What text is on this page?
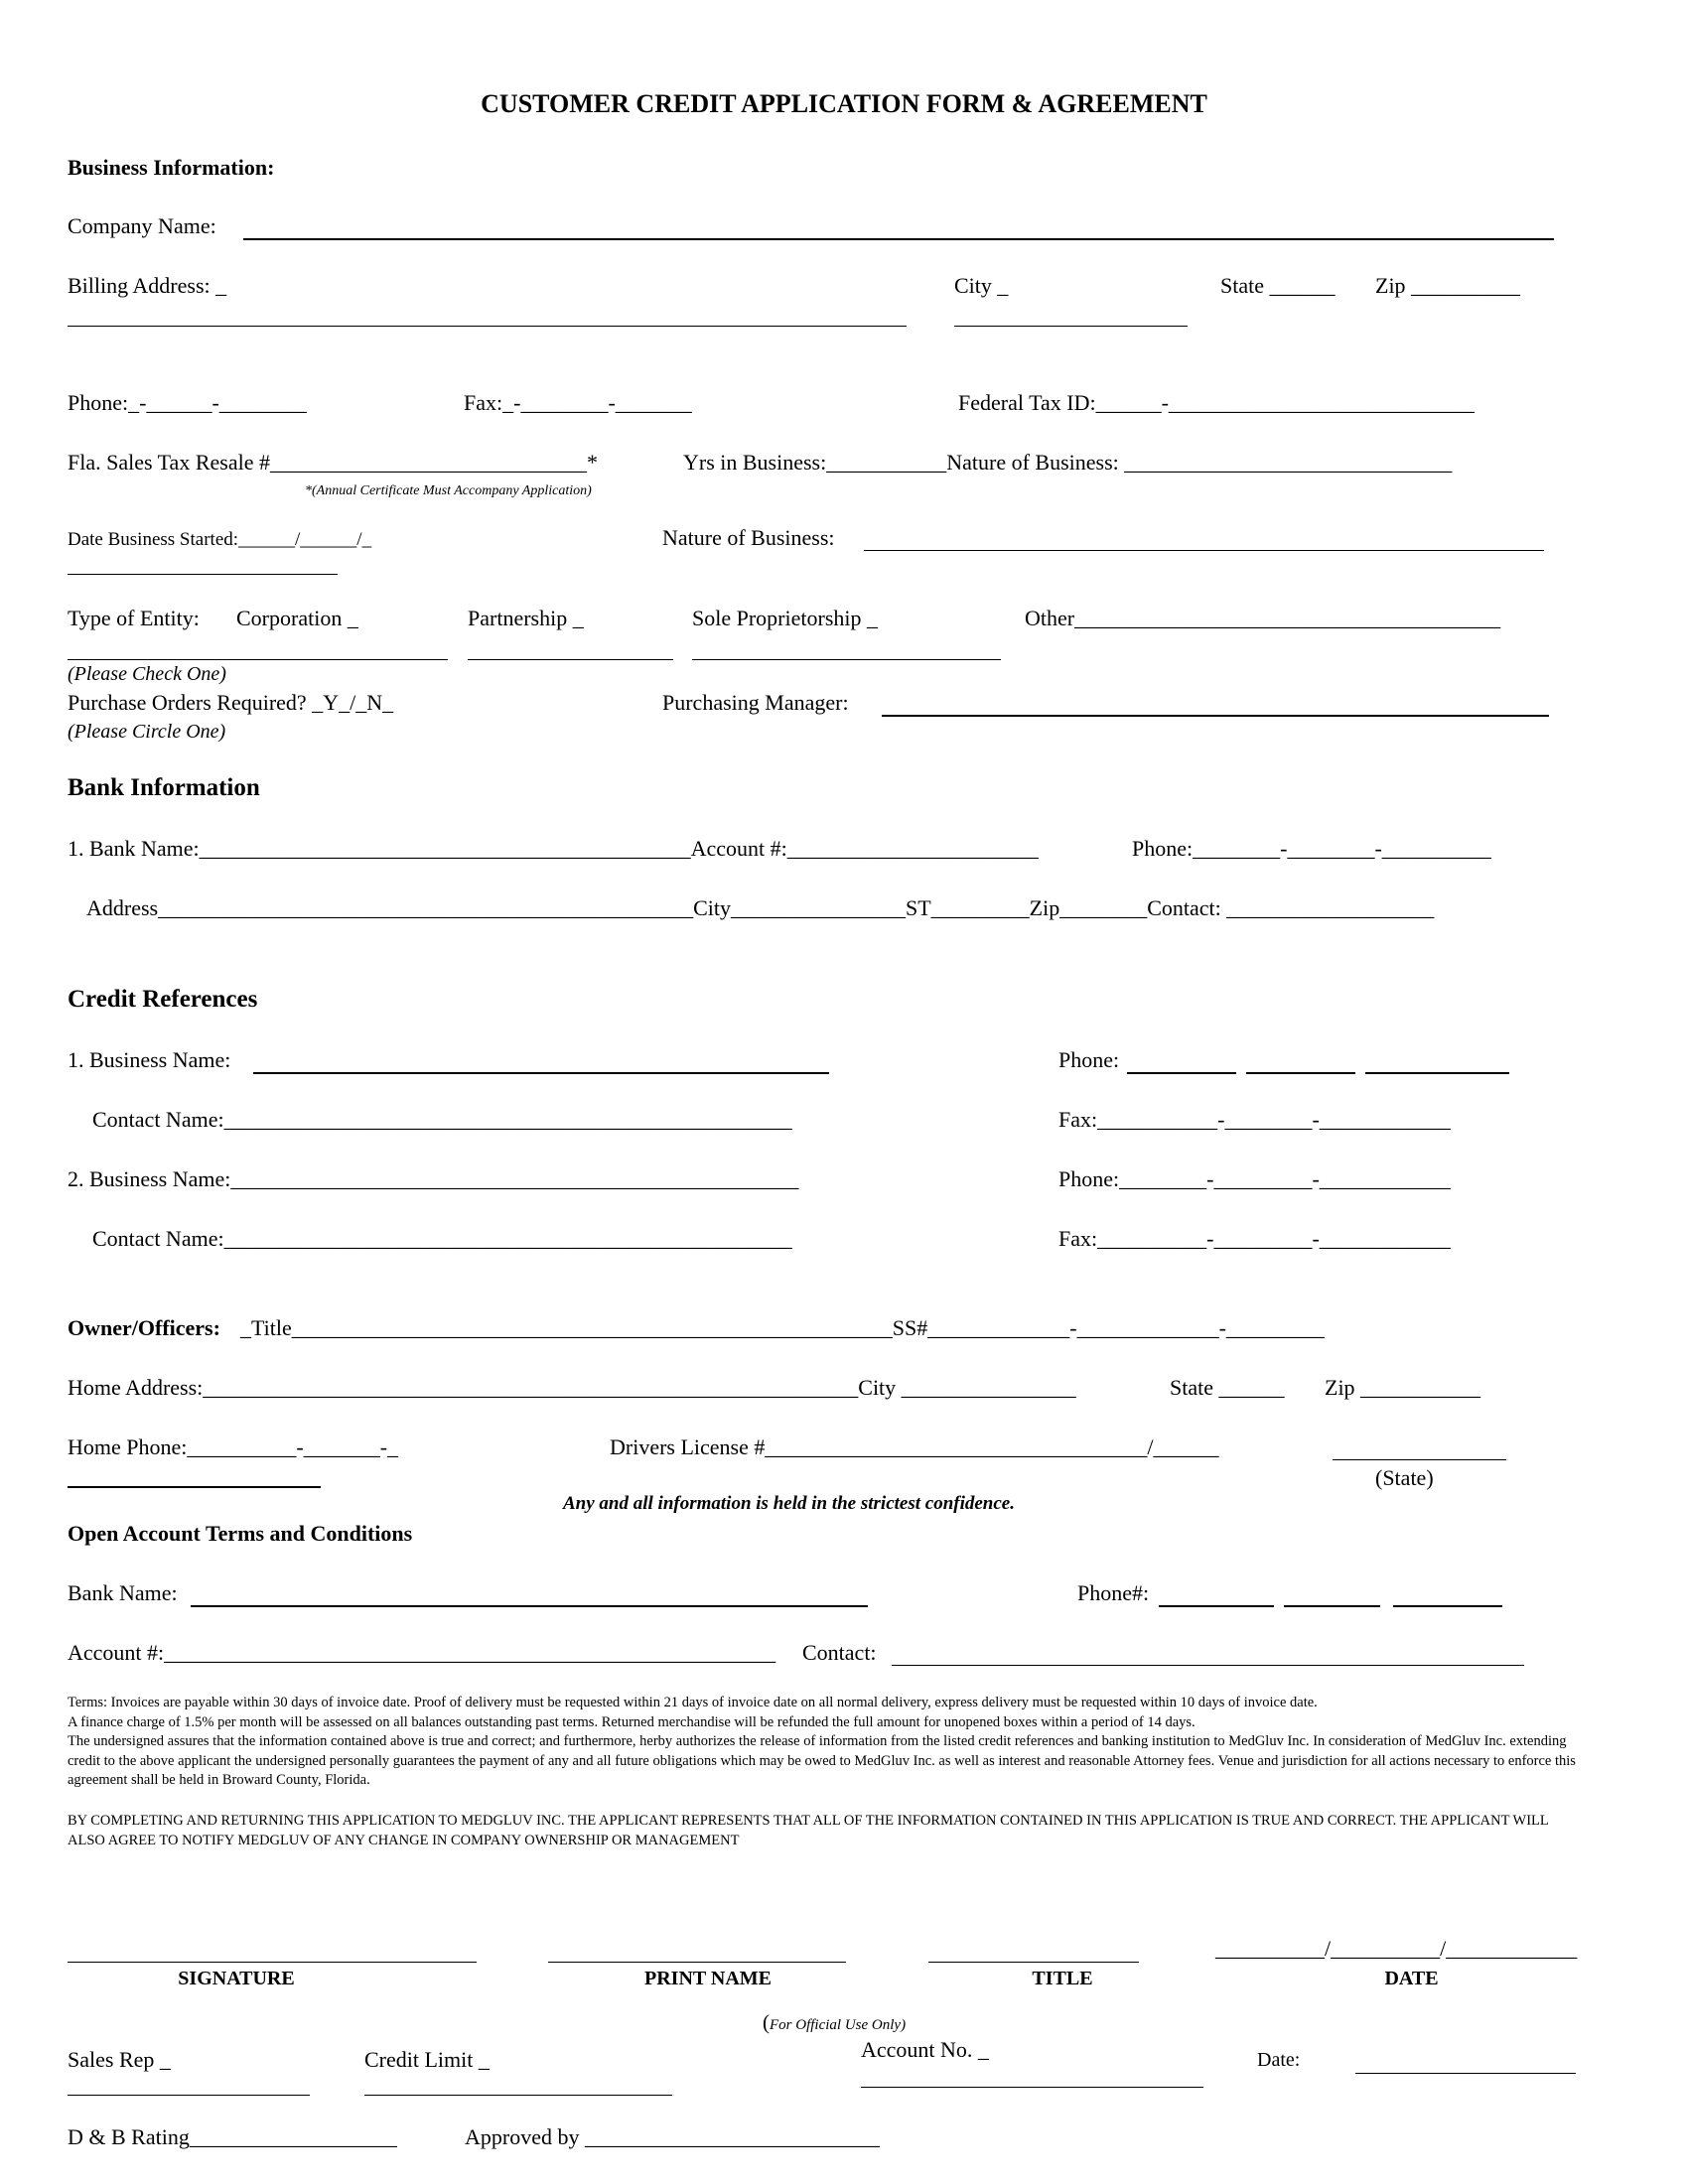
CUSTOMER CREDIT APPLICATION FORM & AGREEMENT
Business Information:
Company Name:
Billing Address: _	City _	State ______ Zip __________
Phone:_-______-________	Fax:_-________-_______	Federal Tax ID:______-____________________________
Fla. Sales Tax Resale #_____________________________*	Yrs in Business:___________Nature of Business: ______________________________
*(Annual Certificate Must Accompany Application)
Date Business Started:______/______/_	Nature of Business:
Type of Entity: Corporation _	Partnership _	Sole Proprietorship _	Other_______________________________________
(Please Check One)
Purchase Orders Required? _Y_/_N_
(Please Circle One)
Purchasing Manager:
Bank Information
1. Bank Name:_____________________________________________Account #:_______________________	Phone:________-________-__________
Address_________________________________________________City________________ST_________Zip________Contact: ___________________
Credit References
1. Business Name:	Phone:
Contact Name:____________________________________________________	Fax:___________-________-____________
2. Business Name:____________________________________________________	Phone:________-_________-____________
Contact Name:____________________________________________________	Fax:__________-_________-____________
Owner/Officers: _Title_______________________________________________________SS#_____________-_____________-_________
Home Address:____________________________________________________________City ________________	State ______ Zip ___________
Home Phone:__________-_______-_	Drivers License #___________________________________/______
(State)
Any and all information is held in the strictest confidence.
Open Account Terms and Conditions
Bank Name:	Phone#:
Account #:________________________________________________________ Contact:
Terms: Invoices are payable within 30 days of invoice date. Proof of delivery must be requested within 21 days of invoice date on all normal delivery, express delivery must be requested within 10 days of invoice date.
A finance charge of 1.5% per month will be assessed on all balances outstanding past terms. Returned merchandise will be refunded the full amount for unopened boxes within a period of 14 days.
The undersigned assures that the information contained above is true and correct; and furthermore, herby authorizes the release of information from the listed credit references and banking institution to MedGluv Inc. In consideration of MedGluv Inc. extending credit to the above applicant the undersigned personally guarantees the payment of any and all future obligations which may be owed to MedGluv Inc. as well as interest and reasonable Attorney fees. Venue and jurisdiction for all actions necessary to enforce this agreement shall be held in Broward County, Florida.
BY COMPLETING AND RETURNING THIS APPLICATION TO MEDGLUV INC. THE APPLICANT REPRESENTS THAT ALL OF THE INFORMATION CONTAINED IN THIS APPLICATION IS TRUE AND CORRECT. THE APPLICANT WILL ALSO AGREE TO NOTIFY MEDGLUV OF ANY CHANGE IN COMPANY OWNERSHIP OR MANAGEMENT
SIGNATURE	PRINT NAME	TITLE
__________/__________/____________
DATE
(For Official Use Only)
Sales Rep _	Credit Limit _	Account No. _	Date:
D & B Rating___________________	Approved by ___________________________
